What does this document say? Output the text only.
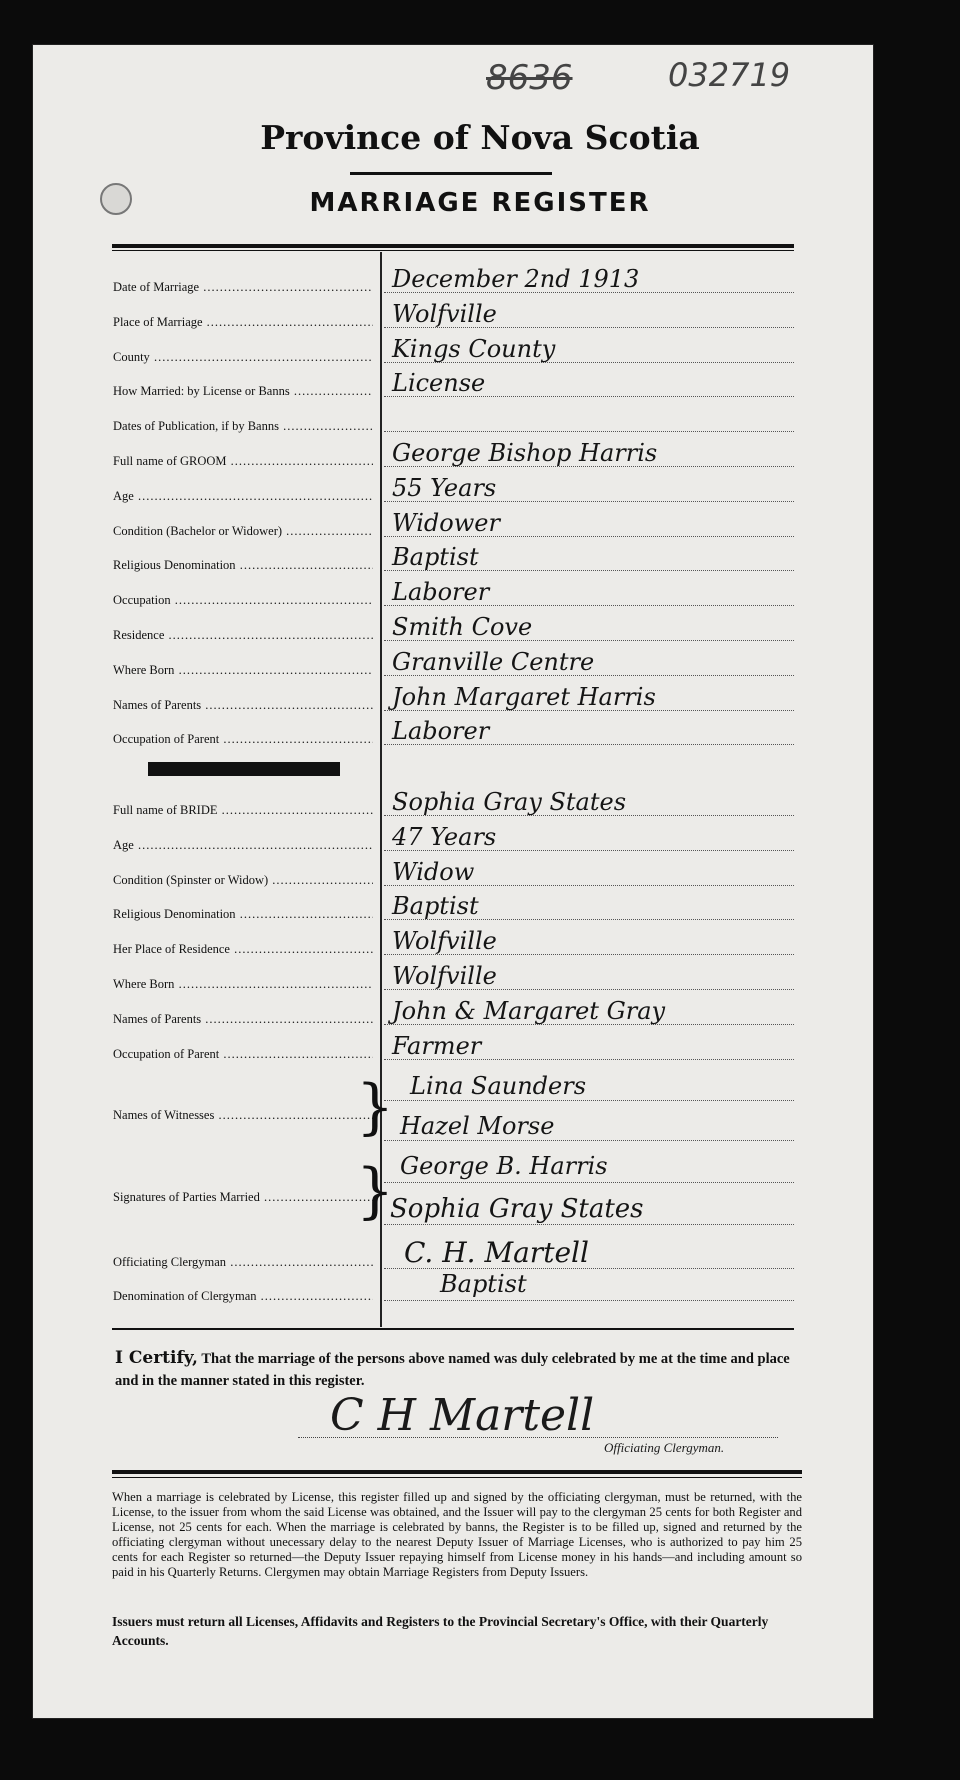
8636	032719
Province of Nova Scotia
MARRIAGE REGISTER
Names of Witnesses .....	} Lina Saunders
Hazel Morse
Signatures of Parties Married .....	} George B. Harris
Sophia Gray States
Officiating Clergyman .....	C. H. Martell
Denomination of Clergyman .....	Baptist
I Certify, That the marriage of the persons above named was duly celebrated by me at the time and place and in the manner stated in this register.
C H Martell
Officiating Clergyman.
When a marriage is celebrated by License, this register filled up and signed by the officiating clergyman, must be returned, with the License, to the issuer from whom the said License was obtained, and the Issuer will pay to the clergyman 25 cents for both Register and License, not 25 cents for each. When the marriage is celebrated by banns, the Register is to be filled up, signed and returned by the officiating clergyman without unecessary delay to the nearest Deputy Issuer of Marriage Licenses, who is authorized to pay him 25 cents for each Register so returned—the Deputy Issuer repaying himself from License money in his hands—and including amount so paid in his Quarterly Returns. Clergymen may obtain Marriage Registers from Deputy Issuers.
Issuers must return all Licenses, Affidavits and Registers to the Provincial Secretary's Office, with their Quarterly Accounts.
Date of Marriage .....	December 2nd 1913
Place of Marriage .....	Wolfville
County .....	Kings County
How Married: by License or Banns .....	License
Dates of Publication, if by Banns .....
Full name of GROOM .....	George Bishop Harris
Age .....	55 Years
Condition (Bachelor or Widower) .....	Widower
Religious Denomination .....	Baptist
Occupation .....	Laborer
Residence .....	Smith Cove
Where Born .....	Granville Centre
Names of Parents .....	John Margaret Harris
Occupation of Parent .....	Laborer
Full name of BRIDE .....	Sophia Gray States
Age .....	47 Years
Condition (Spinster or Widow) .....	Widow
Religious Denomination .....	Baptist
Her Place of Residence .....	Wolfville
Where Born .....	Wolfville
Names of Parents .....	John & Margaret Gray
Occupation of Parent .....	Farmer
